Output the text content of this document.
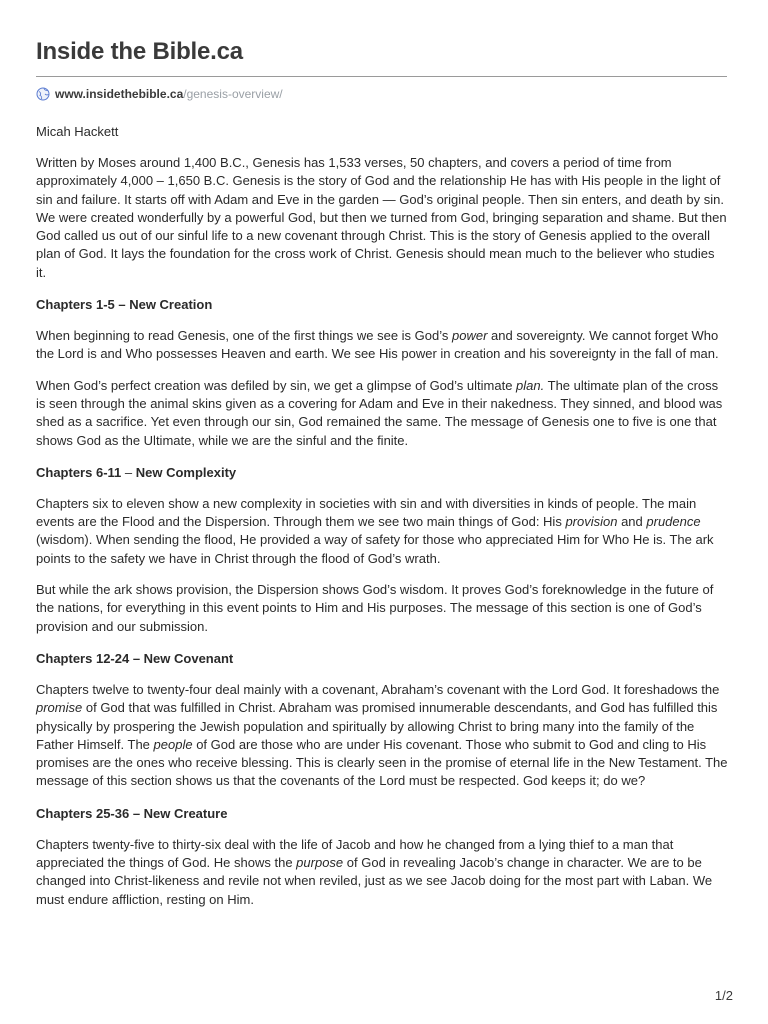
Inside the Bible.ca
www.insidethebible.ca /genesis-overview/

Micah Hackett

Written by Moses around 1,400 B.C., Genesis has 1,533 verses, 50 chapters, and covers a period of time from approximately 4,000 – 1,650 B.C. Genesis is the story of God and the relationship He has with His people in the light of sin and failure. It starts off with Adam and Eve in the garden — God’s original people. Then sin enters, and death by sin. We were created wonderfully by a powerful God, but then we turned from God, bringing separation and shame. But then God called us out of our sinful life to a new covenant through Christ. This is the story of Genesis applied to the overall plan of God. It lays the foundation for the cross work of Christ. Genesis should mean much to the believer who studies it.

Chapters 1-5 – New Creation

When beginning to read Genesis, one of the first things we see is God’s power and sovereignty. We cannot forget Who the Lord is and Who possesses Heaven and earth. We see His power in creation and his sovereignty in the fall of man.

When God’s perfect creation was defiled by sin, we get a glimpse of God’s ultimate plan. The ultimate plan of the cross is seen through the animal skins given as a covering for Adam and Eve in their nakedness. They sinned, and blood was shed as a sacrifice. Yet even through our sin, God remained the same. The message of Genesis one to five is one that shows God as the Ultimate, while we are the sinful and the finite.

Chapters 6-11 – New Complexity

Chapters six to eleven show a new complexity in societies with sin and with diversities in kinds of people. The main events are the Flood and the Dispersion. Through them we see two main things of God: His provision and prudence (wisdom). When sending the flood, He provided a way of safety for those who appreciated Him for Who He is. The ark points to the safety we have in Christ through the flood of God’s wrath.

But while the ark shows provision, the Dispersion shows God’s wisdom. It proves God’s foreknowledge in the future of the nations, for everything in this event points to Him and His purposes. The message of this section is one of God’s provision and our submission.

Chapters 12-24 – New Covenant

Chapters twelve to twenty-four deal mainly with a covenant, Abraham’s covenant with the Lord God. It foreshadows the promise of God that was fulfilled in Christ. Abraham was promised innumerable descendants, and God has fulfilled this physically by prospering the Jewish population and spiritually by allowing Christ to bring many into the family of the Father Himself. The people of God are those who are under His covenant. Those who submit to God and cling to His promises are the ones who receive blessing. This is clearly seen in the promise of eternal life in the New Testament. The message of this section shows us that the covenants of the Lord must be respected. God keeps it; do we?

Chapters 25-36 – New Creature

Chapters twenty-five to thirty-six deal with the life of Jacob and how he changed from a lying thief to a man that appreciated the things of God. He shows the purpose of God in revealing Jacob’s change in character. We are to be changed into Christ-likeness and revile not when reviled, just as we see Jacob doing for the most part with Laban. We must endure affliction, resting on Him.

1/2
